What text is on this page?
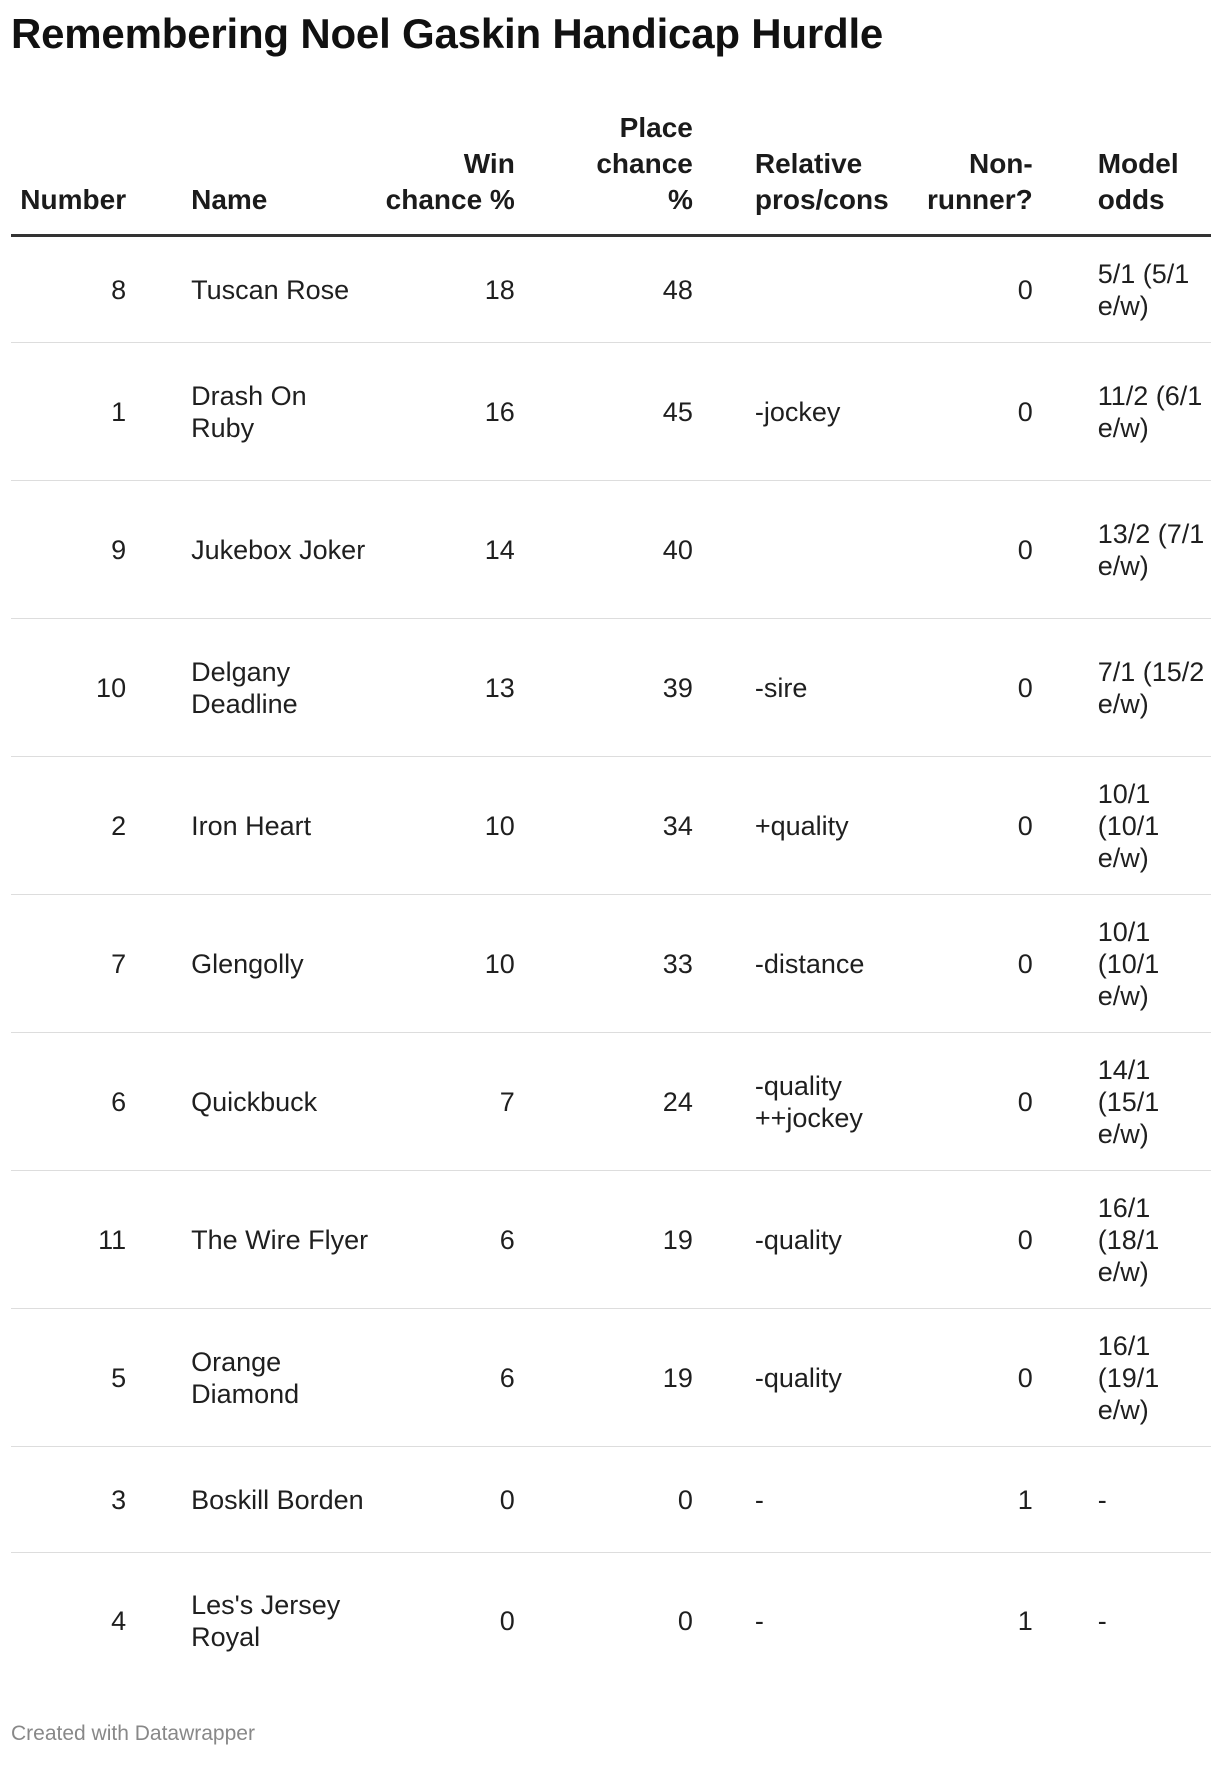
Remembering Noel Gaskin Handicap Hurdle
Number	Name	Win chance %	Place chance %	Relative pros/cons	Non-runner?	Model odds
8	Tuscan Rose	18	48		0	5/1 (5/1 e/w)
1	Drash On Ruby	16	45	-jockey	0	11/2 (6/1 e/w)
9	Jukebox Joker	14	40		0	13/2 (7/1 e/w)
10	Delgany Deadline	13	39	-sire	0	7/1 (15/2 e/w)
2	Iron Heart	10	34	+quality	0	10/1 (10/1 e/w)
7	Glengolly	10	33	-distance	0	10/1 (10/1 e/w)
6	Quickbuck	7	24	-quality ++jockey	0	14/1 (15/1 e/w)
11	The Wire Flyer	6	19	-quality	0	16/1 (18/1 e/w)
5	Orange Diamond	6	19	-quality	0	16/1 (19/1 e/w)
3	Boskill Borden	0	0	-	1	-
4	Les's Jersey Royal	0	0	-	1	-
Created with Datawrapper
